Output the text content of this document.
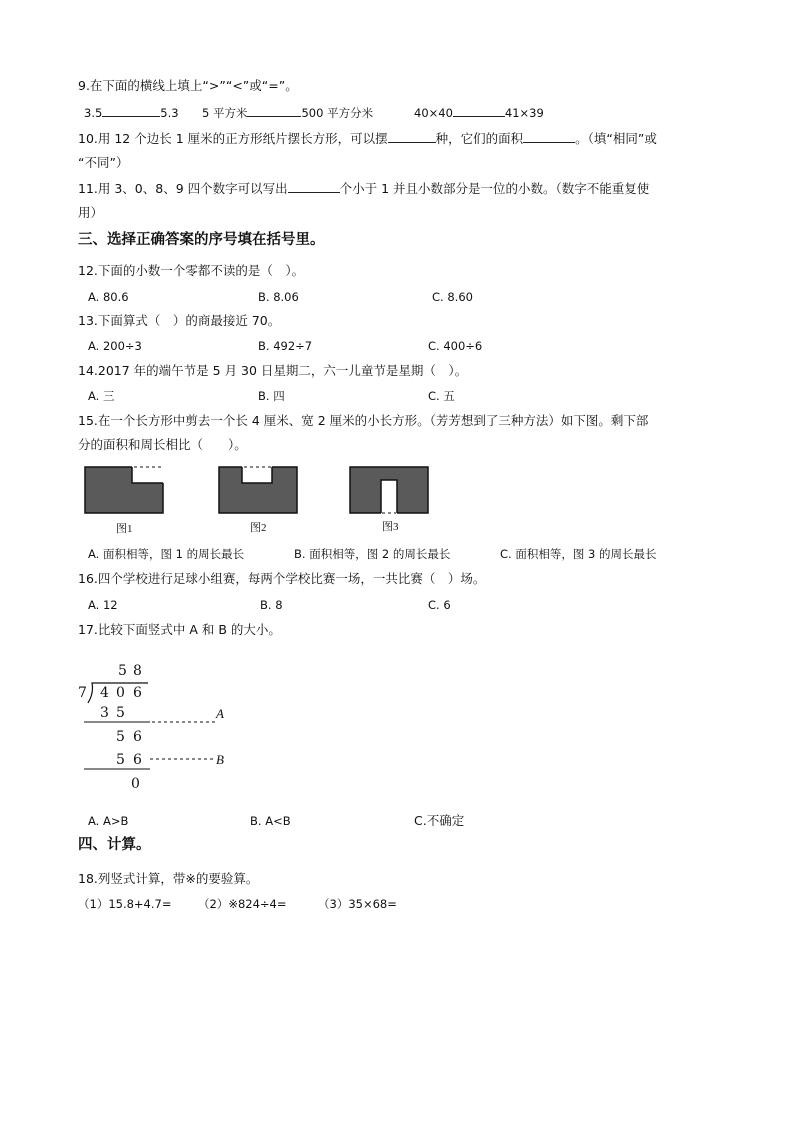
9.在下面的横线上填上“>”“<”或“=”。
3.5	5.3 5 平方米	500 平方分米	40×40	41×39
10.用 12 个边长 1 厘米的正方形纸片摆长方形，可以摆	种，它们的面积	。（填“相同”或
“不同”）
11.用 3、0、8、9 四个数字可以写出	个小于 1 并且小数部分是一位的小数。（数字不能重复使
用）
三、选择正确答案的序号填在括号里。
12.下面的小数一个零都不读的是（　）。
A. 80.6	B. 8.06	C. 8.60
13.下面算式（　）的商最接近 70。
A. 200÷3	B. 492÷7	C. 400÷6
14.2017 年的端午节是 5 月 30 日星期二，六一儿童节是星期（　）。
A. 三	B. 四	C. 五
15.在一个长方形中剪去一个长 4 厘米、宽 2 厘米的小长方形。（芳芳想到了三种方法）如下图。剩下部
分的面积和周长相比（　　）。
图1	图2	图3
A. 面积相等，图 1 的周长最长	B. 面积相等，图 2 的周长最长	C. 面积相等，图 3 的周长最长
16.四个学校进行足球小组赛，每两个学校比赛一场，一共比赛（　）场。
A. 12	B. 8	C. 6
17.比较下面竖式中 A 和 B 的大小。
5 8
7 4 0 6
3 5	A
5 6
5 6	B
0
A. A>B	B. A<B	C.不确定
四、计算。
18.列竖式计算，带※的要验算。
（1）15.8+4.7= （2）※824÷4=	（3）35×68=
